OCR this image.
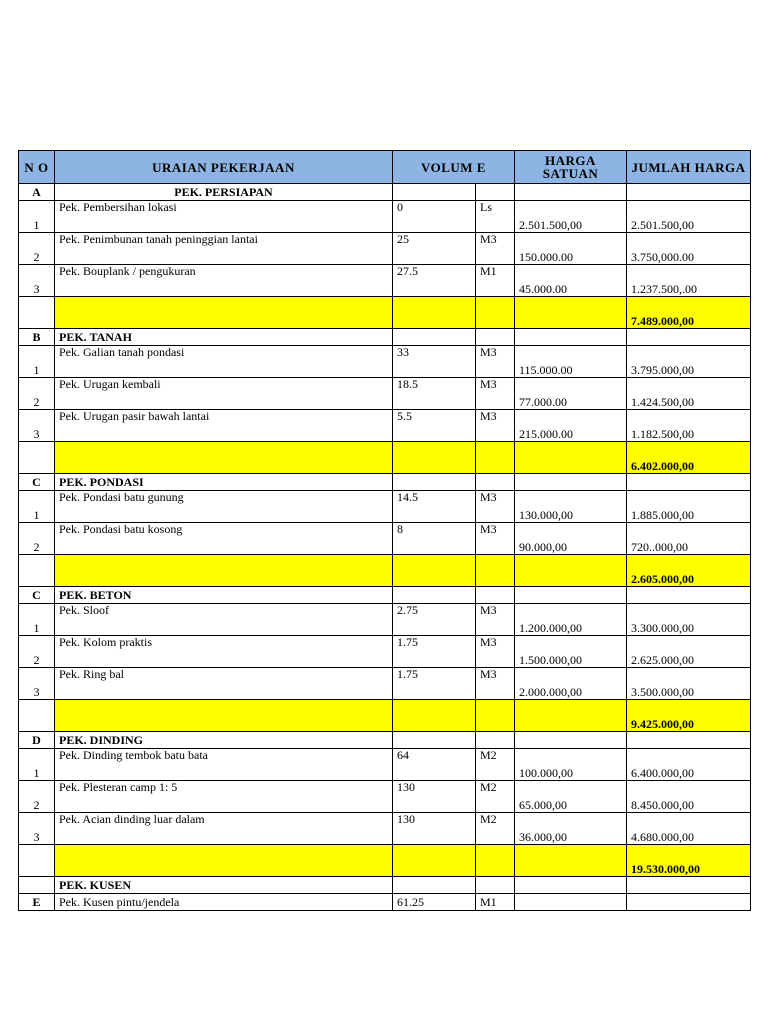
N O	URAIAN PEKERJAAN	VOLUM E		HARGA SATUAN	JUMLAH HARGA
A	PEK. PERSIAPAN				
1	Pek. Pembersihan lokasi	0	Ls	2.501.500,00	2.501.500,00
2	Pek. Penimbunan tanah peninggian lantai	25	M3	150.000.00	3.750,000.00
3	Pek. Bouplank / pengukuran	27.5	M1	45.000.00	1.237.500,.00
					7.489.000,00
B	PEK. TANAH				
1	Pek. Galian tanah pondasi	33	M3	115.000.00	3.795.000,00
2	Pek. Urugan kembali	18.5	M3	77.000.00	1.424.500,00
3	Pek. Urugan pasir bawah lantai	5.5	M3	215.000.00	1.182.500,00
					6.402.000,00
C	PEK. PONDASI				
1	Pek. Pondasi batu gunung	14.5	M3	130.000,00	1.885.000,00
2	Pek. Pondasi batu kosong	8	M3	90.000,00	720..000,00
					2.605.000,00
C	PEK. BETON				
1	Pek. Sloof	2.75	M3	1.200.000,00	3.300.000,00
2	Pek. Kolom praktis	1.75	M3	1.500.000,00	2.625.000,00
3	Pek. Ring bal	1.75	M3	2.000.000,00	3.500.000,00
					9.425.000,00
D	PEK. DINDING				
1	Pek. Dinding tembok batu bata	64	M2	100.000,00	6.400.000,00
2	Pek. Plesteran camp 1: 5	130	M2	65.000,00	8.450.000,00
3	Pek. Acian dinding luar dalam	130	M2	36.000,00	4.680.000,00
					19.530.000,00
	PEK. KUSEN				
E	Pek. Kusen pintu/jendela	61.25	M1		
